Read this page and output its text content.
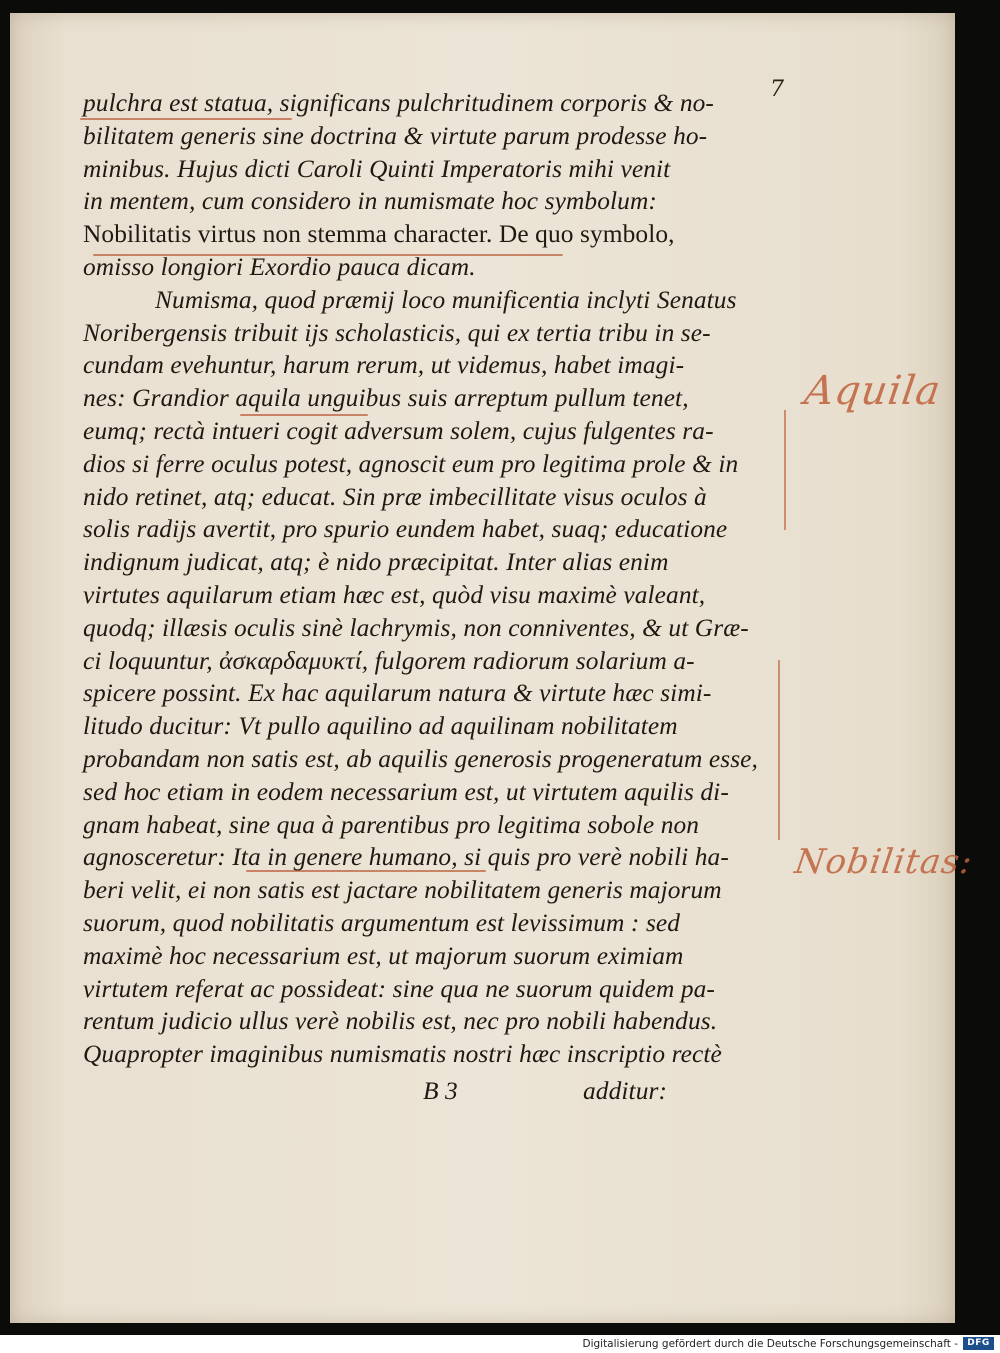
7
pulchra est statua, significans pulchritudinem corporis & no-
bilitatem generis sine doctrina & virtute parum prodesse ho-
minibus. Hujus dicti Caroli Quinti Imperatoris mihi venit
in mentem, cum considero in numismate hoc symbolum:
Nobilitatis virtus non stemma character. De quo symbolo,
omisso longiori Exordio pauca dicam.
Numisma, quod præmij loco munificentia inclyti Senatus
Noribergensis tribuit ijs scholasticis, qui ex tertia tribu in se-
cundam evehuntur, harum rerum, ut videmus, habet imagi-
nes: Grandior aquila unguibus suis arreptum pullum tenet,
eumq; rectà intueri cogit adversum solem, cujus fulgentes ra-
dios si ferre oculus potest, agnoscit eum pro legitima prole & in
nido retinet, atq; educat. Sin præ imbecillitate visus oculos à
solis radijs avertit, pro spurio eundem habet, suaq; educatione
indignum judicat, atq; è nido præcipitat. Inter alias enim
virtutes aquilarum etiam hæc est, quòd visu maximè valeant,
quodq; illæsis oculis sinè lachrymis, non conniventes, & ut Græ-
ci loquuntur, ἀσκαρδαμυκτί, fulgorem radiorum solarium a-
spicere possint. Ex hac aquilarum natura & virtute hæc simi-
litudo ducitur: Vt pullo aquilino ad aquilinam nobilitatem
probandam non satis est, ab aquilis generosis progeneratum esse,
sed hoc etiam in eodem necessarium est, ut virtutem aquilis di-
gnam habeat, sine qua à parentibus pro legitima sobole non
agnosceretur: Ita in genere humano, si quis pro verè nobili ha-
beri velit, ei non satis est jactare nobilitatem generis majorum
suorum, quod nobilitatis argumentum est levissimum : sed
maximè hoc necessarium est, ut majorum suorum eximiam
virtutem referat ac possideat: sine qua ne suorum quidem pa-
rentum judicio ullus verè nobilis est, nec pro nobili habendus.
Quapropter imaginibus numismatis nostri hæc inscriptio rectè
B 3	additur:
Aquila
Nobilitas:
Digitalisierung gefördert durch die Deutsche Forschungsgemeinschaft -	DFG
